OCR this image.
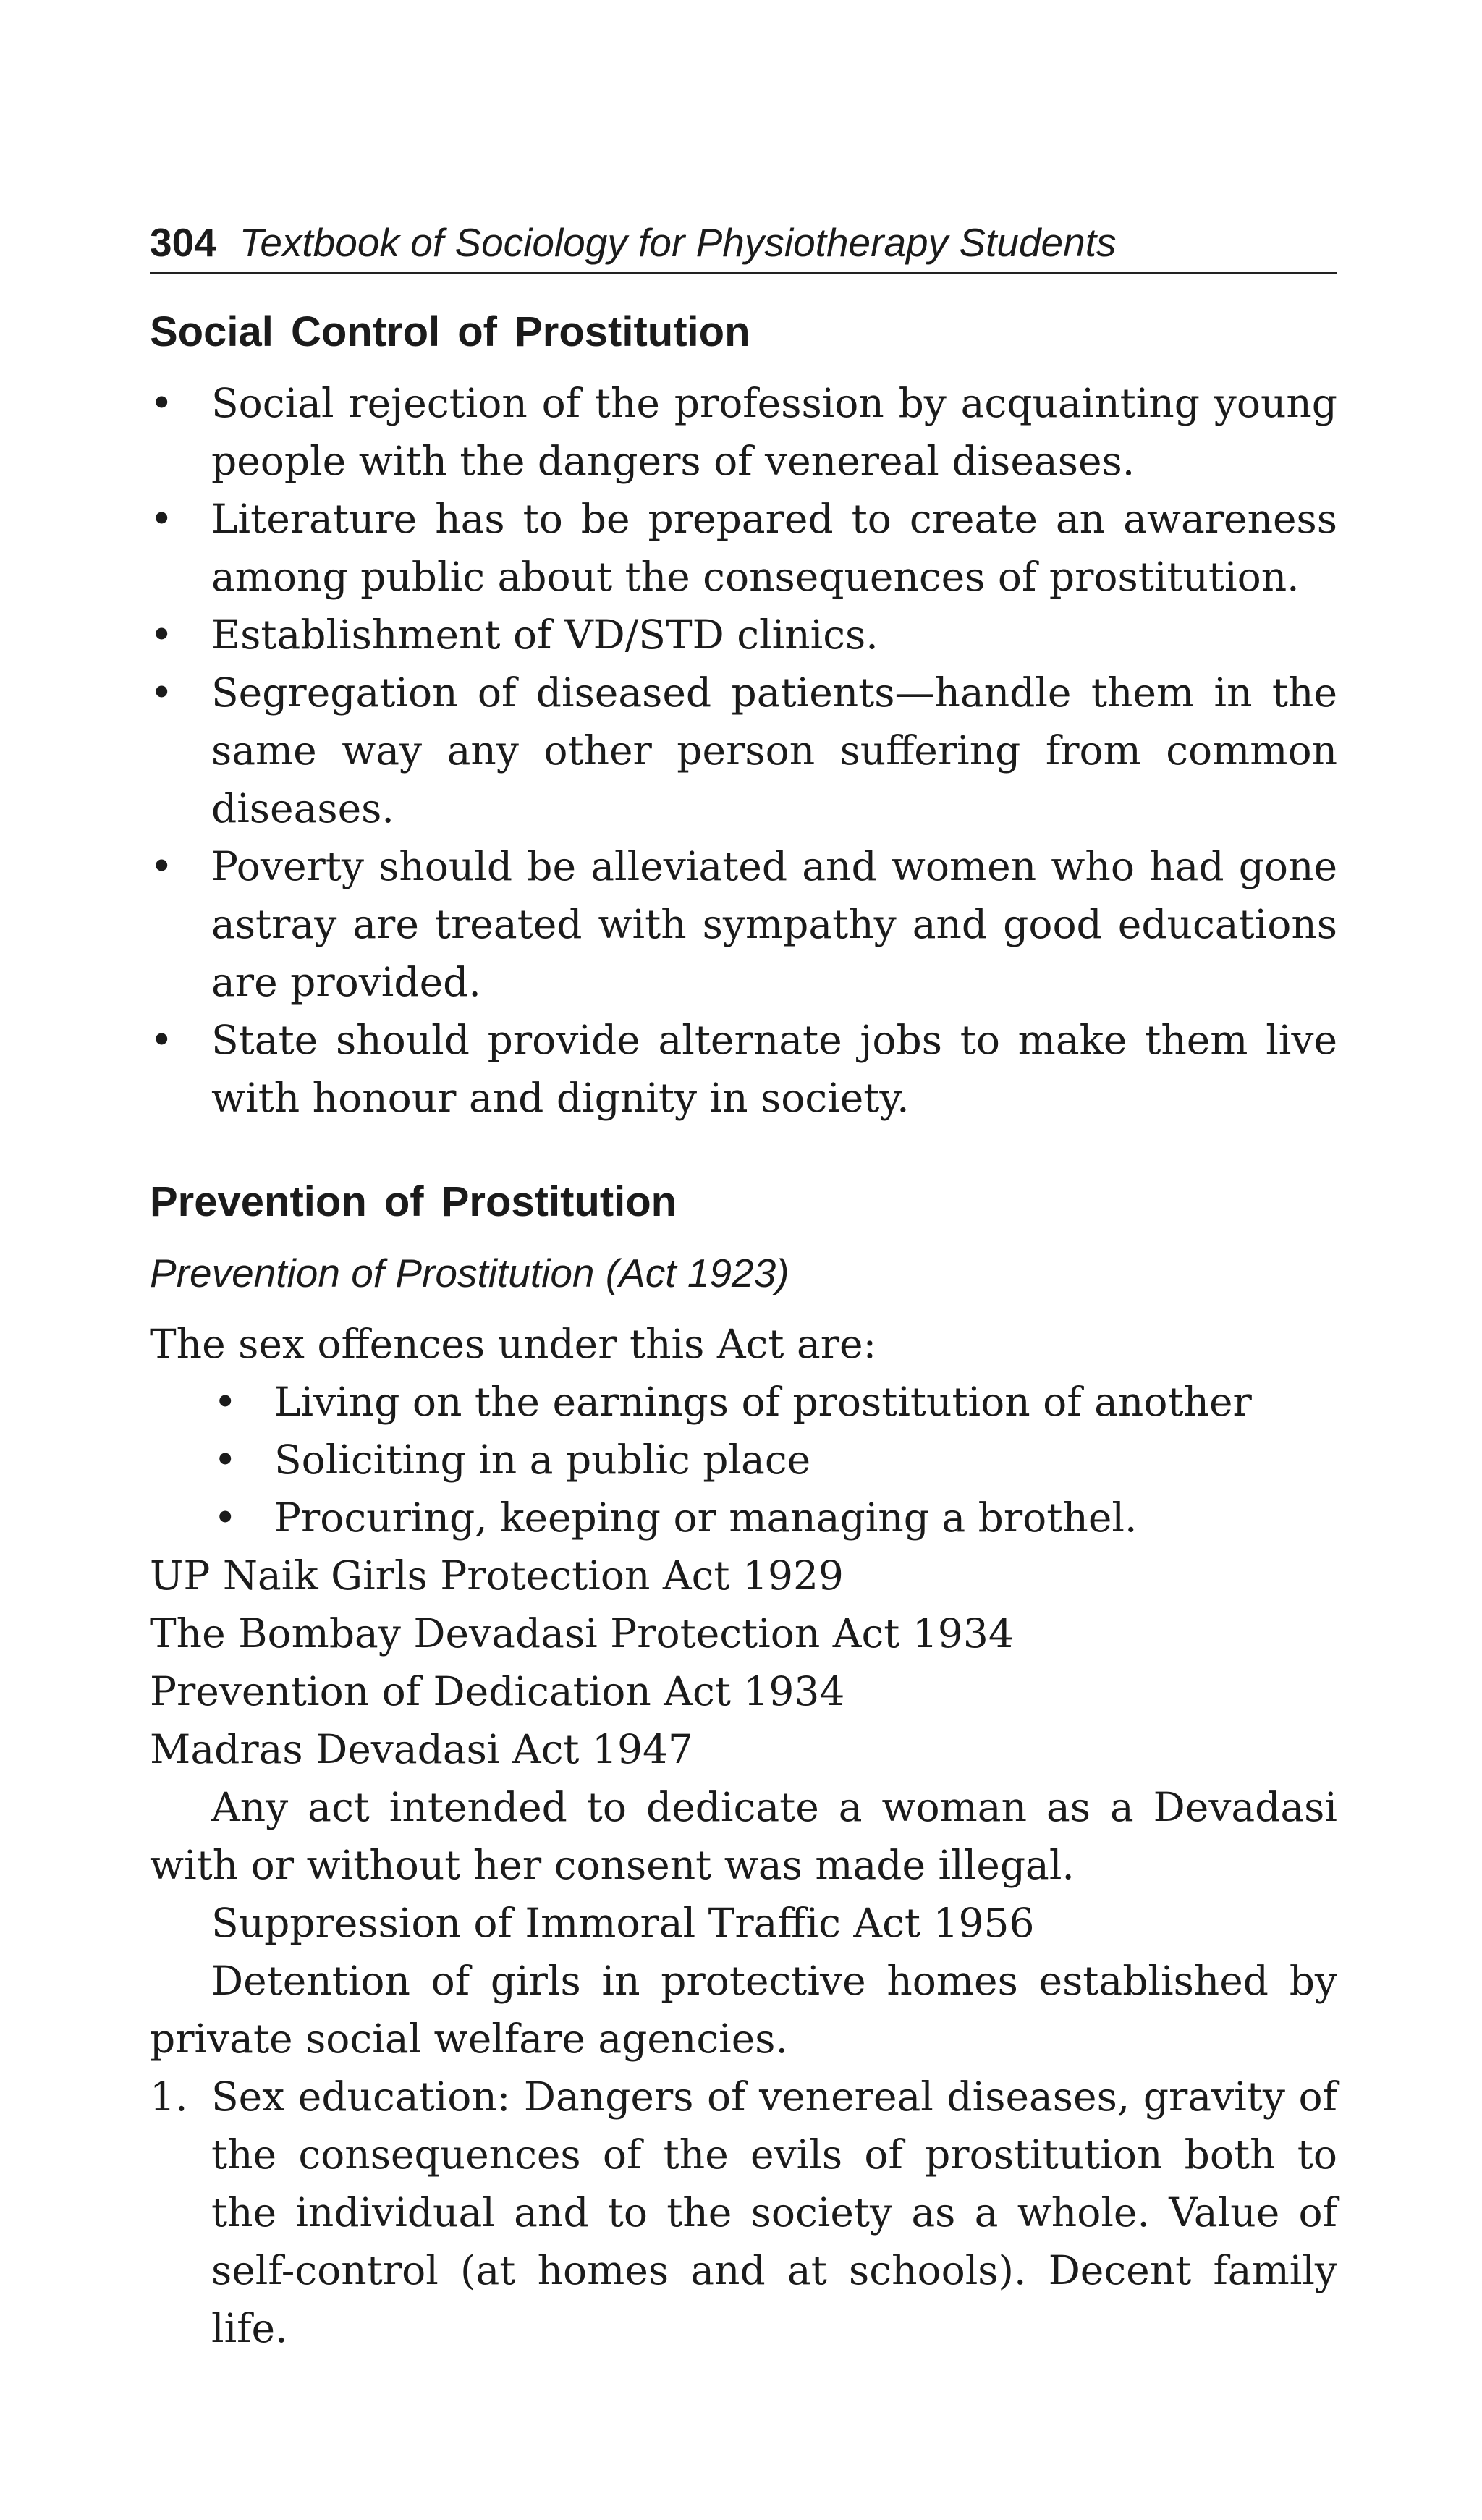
304 Textbook of Sociology for Physiotherapy Students
Social Control of Prostitution
• Social rejection of the profession by acquainting young people with the dangers of venereal diseases.
• Literature has to be prepared to create an awareness among public about the consequences of prostitution.
• Establishment of VD/STD clinics.
• Segregation of diseased patients—handle them in the same way any other person suffering from common diseases.
• Poverty should be alleviated and women who had gone astray are treated with sympathy and good educations are provided.
• State should provide alternate jobs to make them live with honour and dignity in society.
Prevention of Prostitution
Prevention of Prostitution (Act 1923)

The sex offences under this Act are:

• Living on the earnings of prostitution of another
• Soliciting in a public place
• Procuring, keeping or managing a brothel.

UP Naik Girls Protection Act 1929

The Bombay Devadasi Protection Act 1934

Prevention of Dedication Act 1934

Madras Devadasi Act 1947

Any act intended to dedicate a woman as a Devadasi with or without her consent was made illegal.

Suppression of Immoral Traffic Act 1956

Detention of girls in protective homes established by private social welfare agencies.

1. Sex education: Dangers of venereal diseases, gravity of the consequences of the evils of prostitution both to the individual and to the society as a whole. Value of self-control (at homes and at schools). Decent family life.
